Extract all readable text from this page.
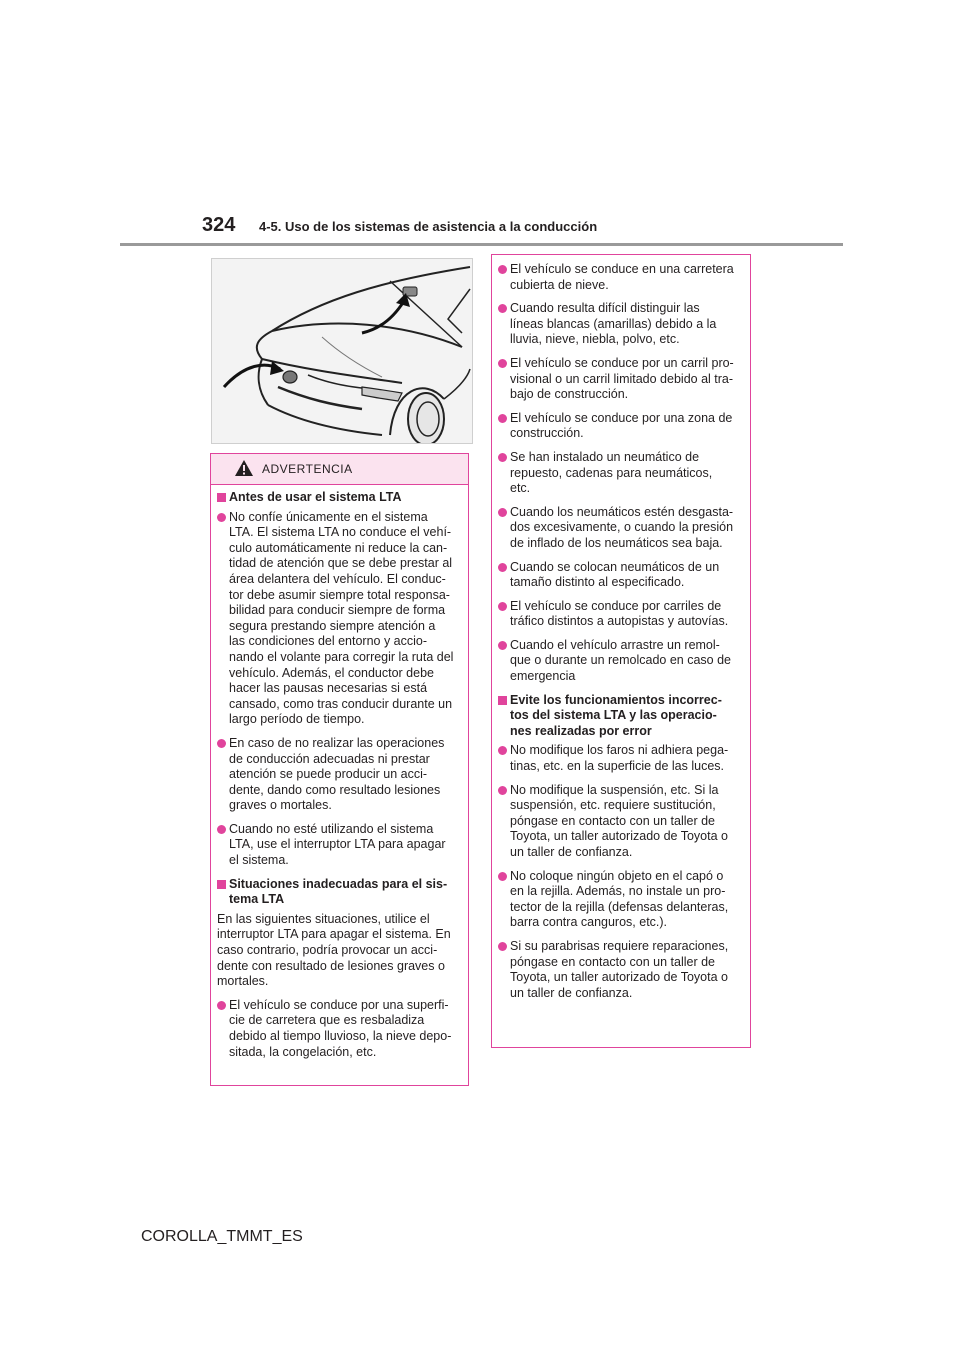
324 4-5. Uso de los sistemas de asistencia a la conducción
ADVERTENCIA
Antes de usar el sistema LTA
No confíe únicamente en el sistema
LTA. El sistema LTA no conduce el vehí-
culo automáticamente ni reduce la can-
tidad de atención que se debe prestar al
área delantera del vehículo. El conduc-
tor debe asumir siempre total responsa-
bilidad para conducir siempre de forma
segura prestando siempre atención a
las condiciones del entorno y accio-
nando el volante para corregir la ruta del
vehículo. Además, el conductor debe
hacer las pausas necesarias si está
cansado, como tras conducir durante un
largo período de tiempo.
En caso de no realizar las operaciones
de conducción adecuadas ni prestar
atención se puede producir un acci-
dente, dando como resultado lesiones
graves o mortales.
Cuando no esté utilizando el sistema
LTA, use el interruptor LTA para apagar
el sistema.
Situaciones inadecuadas para el sis-
tema LTA
En las siguientes situaciones, utilice el
interruptor LTA para apagar el sistema. En
caso contrario, podría provocar un acci-
dente con resultado de lesiones graves o
mortales.
El vehículo se conduce por una superfi-
cie de carretera que es resbaladiza
debido al tiempo lluvioso, la nieve depo-
sitada, la congelación, etc.
El vehículo se conduce en una carretera
cubierta de nieve.
Cuando resulta difícil distinguir las
líneas blancas (amarillas) debido a la
lluvia, nieve, niebla, polvo, etc.
El vehículo se conduce por un carril pro-
visional o un carril limitado debido al tra-
bajo de construcción.
El vehículo se conduce por una zona de
construcción.
Se han instalado un neumático de
repuesto, cadenas para neumáticos,
etc.
Cuando los neumáticos estén desgasta-
dos excesivamente, o cuando la presión
de inflado de los neumáticos sea baja.
Cuando se colocan neumáticos de un
tamaño distinto al especificado.
El vehículo se conduce por carriles de
tráfico distintos a autopistas y autovías.
Cuando el vehículo arrastre un remol-
que o durante un remolcado en caso de
emergencia
Evite los funcionamientos incorrec-
tos del sistema LTA y las operacio-
nes realizadas por error
No modifique los faros ni adhiera pega-
tinas, etc. en la superficie de las luces.
No modifique la suspensión, etc. Si la
suspensión, etc. requiere sustitución,
póngase en contacto con un taller de
Toyota, un taller autorizado de Toyota o
un taller de confianza.
No coloque ningún objeto en el capó o
en la rejilla. Además, no instale un pro-
tector de la rejilla (defensas delanteras,
barra contra canguros, etc.).
Si su parabrisas requiere reparaciones,
póngase en contacto con un taller de
Toyota, un taller autorizado de Toyota o
un taller de confianza.
COROLLA_TMMT_ES
